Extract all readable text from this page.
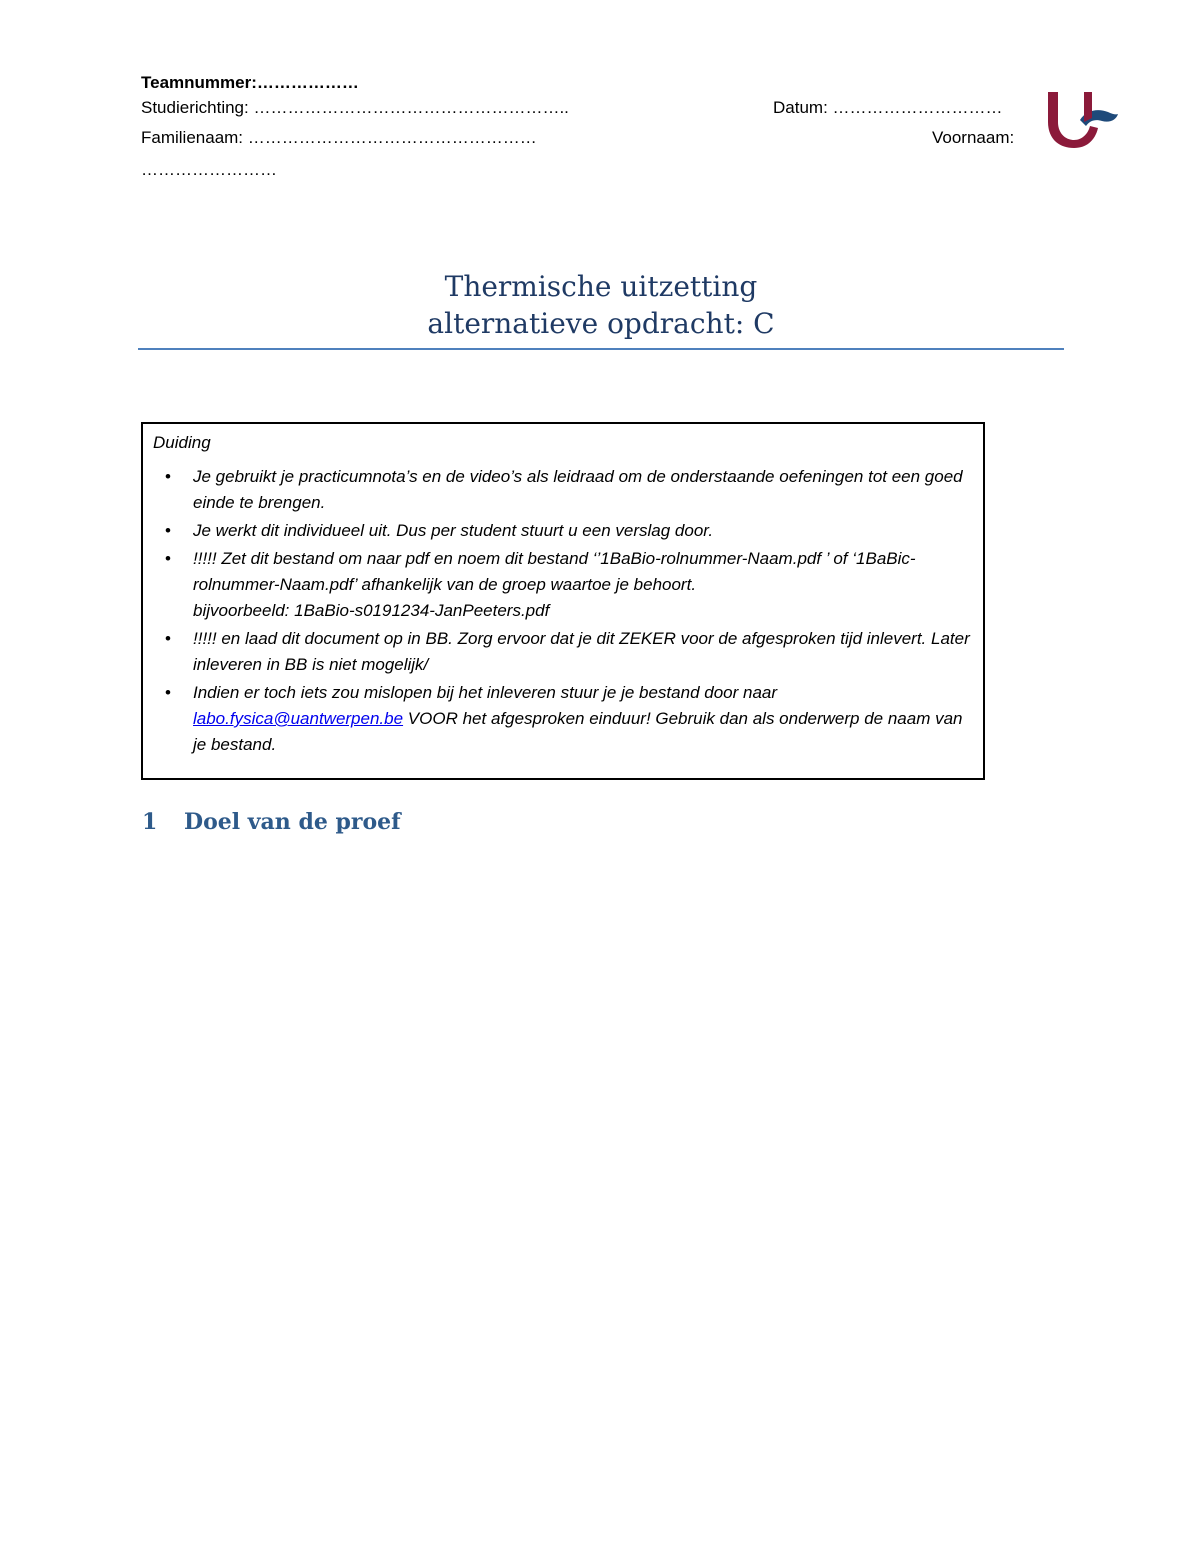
Teamnummer:………………
Studierichting: ………………………………………………..	Datum: …………………………
Familienaam: ……………………………………………	Voornaam:
……………………
Thermische uitzetting
alternatieve opdracht: C
Duiding
• Je gebruikt je practicumnota’s en de video’s als leidraad om de onderstaande oefeningen tot een goed einde te brengen.
• Je werkt dit individueel uit. Dus per student stuurt u een verslag door.
• !!!!! Zet dit bestand om naar pdf en noem dit bestand ‘’1BaBio-rolnummer-Naam.pdf ’ of ‘1BaBic-rolnummer-Naam.pdf’ afhankelijk van de groep waartoe je behoort.
bijvoorbeeld: 1BaBio-s0191234-JanPeeters.pdf
• !!!!! en laad dit document op in BB. Zorg ervoor dat je dit ZEKER voor de afgesproken tijd inlevert. Later inleveren in BB is niet mogelijk/
• Indien er toch iets zou mislopen bij het inleveren stuur je je bestand door naar
labo.fysica@uantwerpen.be VOOR het afgesproken einduur! Gebruik dan als onderwerp de naam van je bestand.
1 Doel van de proef
